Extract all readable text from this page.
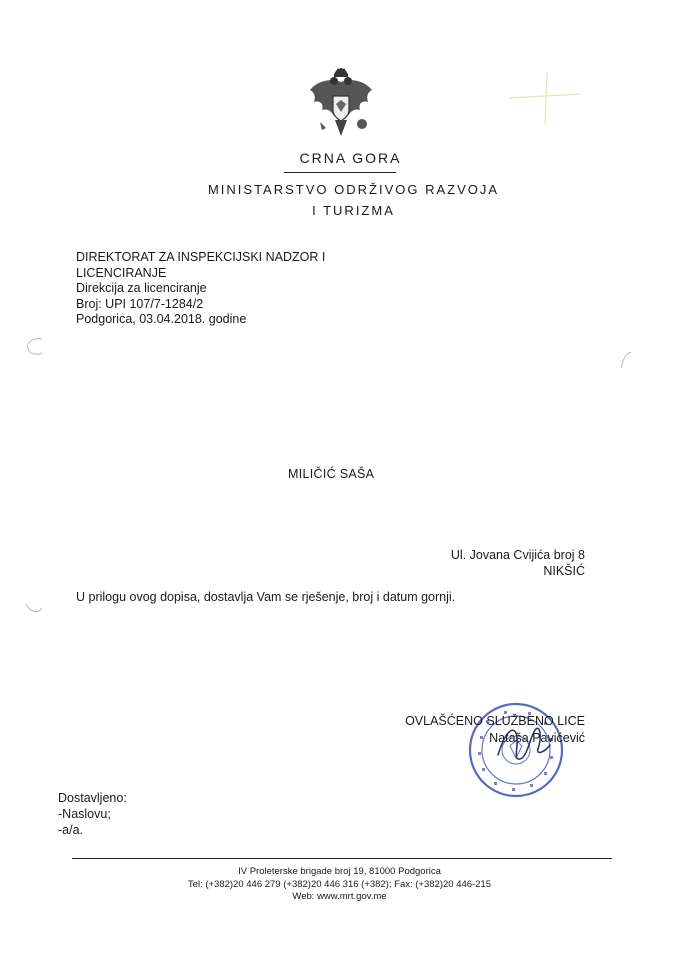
CRNA GORA
MINISTARSTVO ODRŽIVOG RAZVOJA
I TURIZMA
DIREKTORAT ZA INSPEKCIJSKI NADZOR I
LICENCIRANJE
Direkcija za licenciranje
Broj: UPI 107/7-1284/2
Podgorica, 03.04.2018. godine
MILIČIĆ SAŠA
Ul. Jovana Cvijića broj 8
NIKŠIĆ
U prilogu ovog dopisa, dostavlja Vam se rješenje, broj i datum gornji.
OVLAŠĆENO SLUŽBENO LICE
Nataša Pavićević
Dostavljeno:
-Naslovu;
-a/a.
IV Proleterske brigade broj 19, 81000 Podgorica
Tel: (+382)20 446 279 (+382)20 446 316 (+382); Fax: (+382)20 446-215
Web: www.mrt.gov.me
